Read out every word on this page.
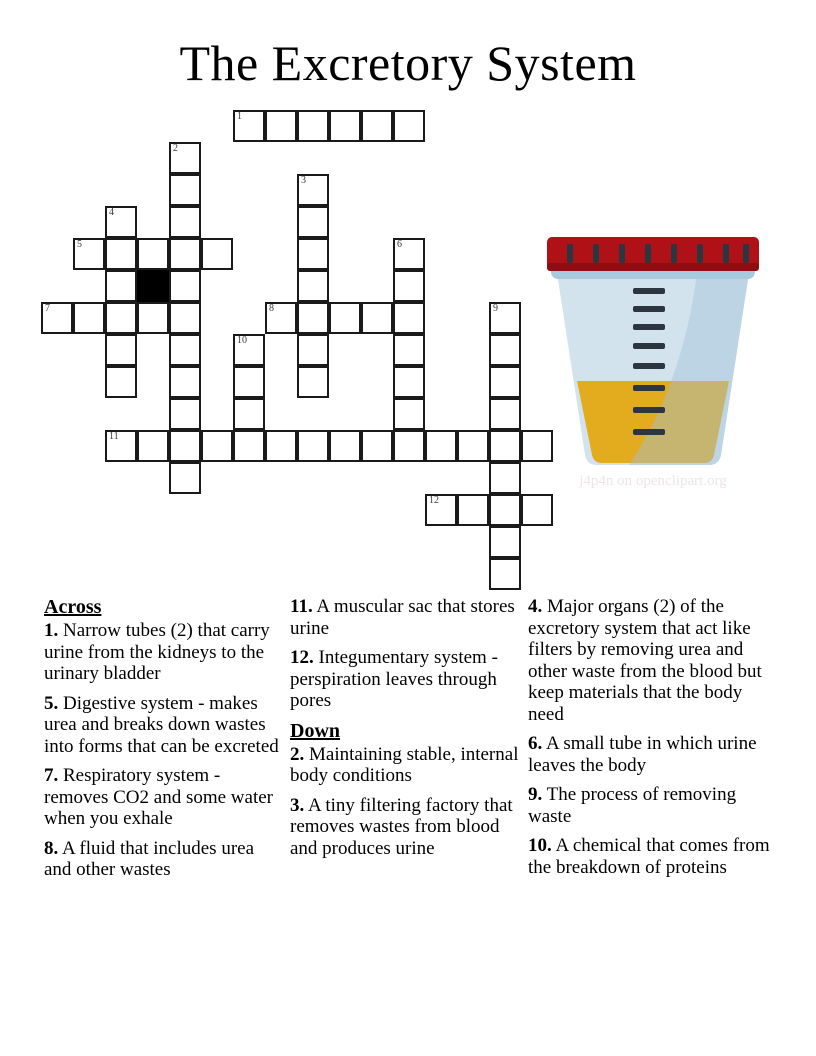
The Excretory System
1
2
3
4
5	6
7	8	9
10
11
12
j4p4n on openclipart.org
Across
1. Narrow tubes (2) that carry urine from the kidneys to the urinary bladder
5. Digestive system - makes urea and breaks down wastes into forms that can be excreted
7. Respiratory system - removes CO2 and some water when you exhale
8. A fluid that includes urea and other wastes
11. A muscular sac that stores urine
12. Integumentary system - perspiration leaves through pores
Down
2. Maintaining stable, internal body conditions
3. A tiny filtering factory that removes wastes from blood and produces urine
4. Major organs (2) of the excretory system that act like filters by removing urea and other waste from the blood but keep materials that the body need
6. A small tube in which urine leaves the body
9. The process of removing waste
10. A chemical that comes from the breakdown of proteins
